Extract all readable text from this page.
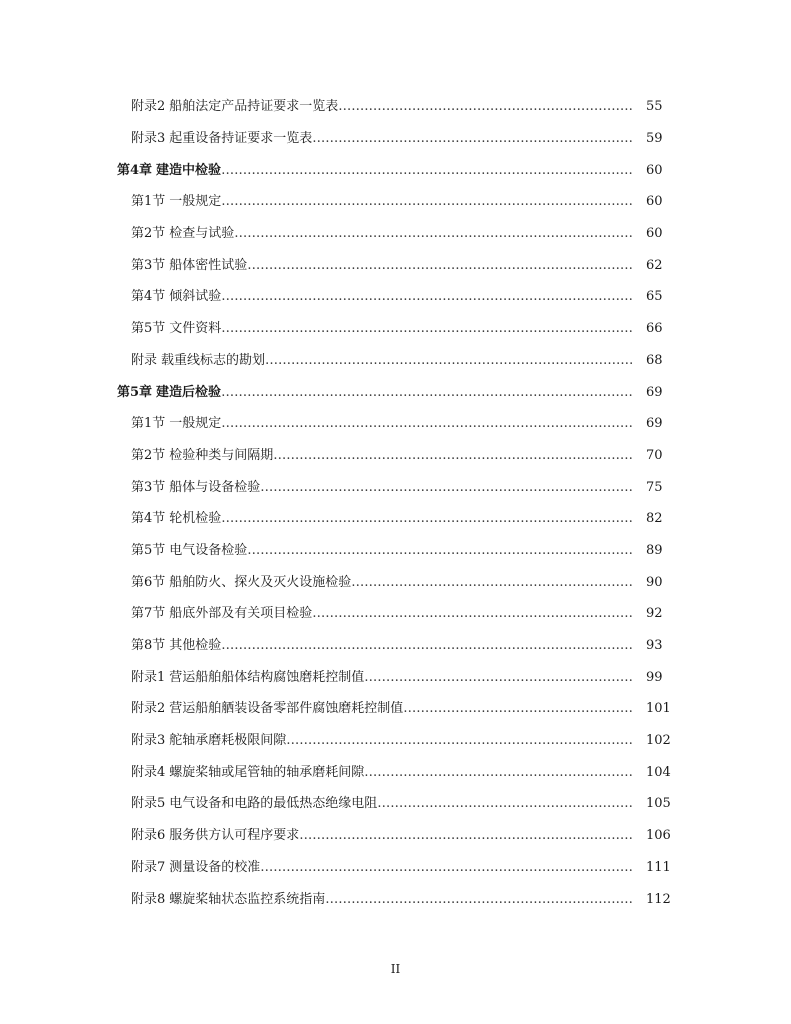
附录2 船舶法定产品持证要求一览表 ……………………………………………………………………………………………………………………………………………………………………………………	55
附录3 起重设备持证要求一览表 ……………………………………………………………………………………………………………………………………………………………………………………	59
第4章 建造中检验 ……………………………………………………………………………………………………………………………………………………………………………………	60
第1节 一般规定 ……………………………………………………………………………………………………………………………………………………………………………………	60
第2节 检查与试验 ……………………………………………………………………………………………………………………………………………………………………………………	60
第3节 船体密性试验 ……………………………………………………………………………………………………………………………………………………………………………………	62
第4节 倾斜试验 ……………………………………………………………………………………………………………………………………………………………………………………	65
第5节 文件资料 ……………………………………………………………………………………………………………………………………………………………………………………	66
附录 载重线标志的勘划 ……………………………………………………………………………………………………………………………………………………………………………………	68
第5章 建造后检验 ……………………………………………………………………………………………………………………………………………………………………………………	69
第1节 一般规定 ……………………………………………………………………………………………………………………………………………………………………………………	69
第2节 检验种类与间隔期 ……………………………………………………………………………………………………………………………………………………………………………………	70
第3节 船体与设备检验 ……………………………………………………………………………………………………………………………………………………………………………………	75
第4节 轮机检验 ……………………………………………………………………………………………………………………………………………………………………………………	82
第5节 电气设备检验 ……………………………………………………………………………………………………………………………………………………………………………………	89
第6节 船舶防火、探火及灭火设施检验 ……………………………………………………………………………………………………………………………………………………………………………………	90
第7节 船底外部及有关项目检验 ……………………………………………………………………………………………………………………………………………………………………………………	92
第8节 其他检验 ……………………………………………………………………………………………………………………………………………………………………………………	93
附录1 营运船舶船体结构腐蚀磨耗控制值 ……………………………………………………………………………………………………………………………………………………………………………………	99
附录2 营运船舶舾装设备零部件腐蚀磨耗控制值 ……………………………………………………………………………………………………………………………………………………………………………………	101
附录3 舵轴承磨耗极限间隙 ……………………………………………………………………………………………………………………………………………………………………………………	102
附录4 螺旋桨轴或尾管轴的轴承磨耗间隙 ……………………………………………………………………………………………………………………………………………………………………………………	104
附录5 电气设备和电路的最低热态绝缘电阻 ……………………………………………………………………………………………………………………………………………………………………………………	105
附录6 服务供方认可程序要求 ……………………………………………………………………………………………………………………………………………………………………………………	106
附录7 测量设备的校准 ……………………………………………………………………………………………………………………………………………………………………………………	111
附录8 螺旋桨轴状态监控系统指南 ……………………………………………………………………………………………………………………………………………………………………………………	112
II
